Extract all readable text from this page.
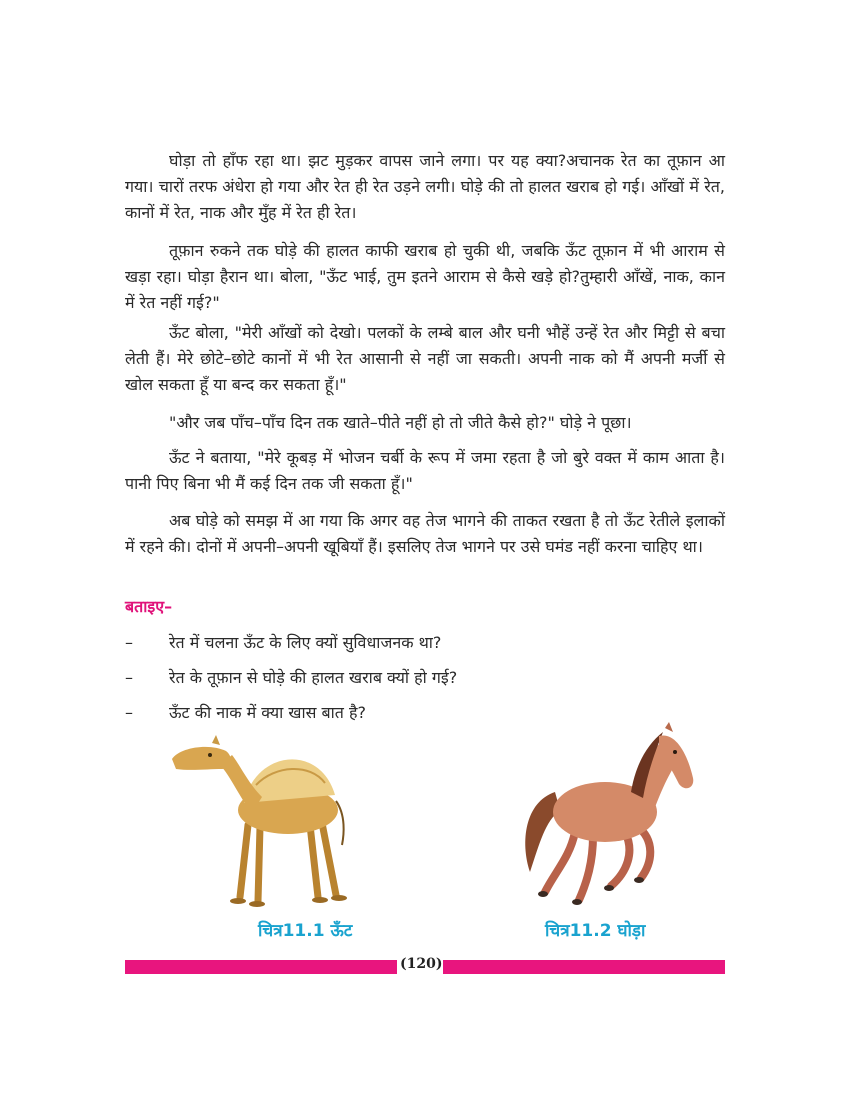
घोड़ा तो हाँफ रहा था। झट मुड़कर वापस जाने लगा। पर यह क्या?अचानक रेत का तूफ़ान आ गया। चारों तरफ अंधेरा हो गया और रेत ही रेत उड़ने लगी। घोड़े की तो हालत खराब हो गई। आँखों में रेत, कानों में रेत, नाक और मुँह में रेत ही रेत।

तूफ़ान रुकने तक घोड़े की हालत काफी खराब हो चुकी थी, जबकि ऊँट तूफ़ान में भी आराम से खड़ा रहा। घोड़ा हैरान था। बोला, "ऊँट भाई, तुम इतने आराम से कैसे खड़े हो?तुम्हारी आँखें, नाक, कान में रेत नहीं गई?"

ऊँट बोला, "मेरी आँखों को देखो। पलकों के लम्बे बाल और घनी भौहें उन्हें रेत और मिट्टी से बचा लेती हैं। मेरे छोटे–छोटे कानों में भी रेत आसानी से नहीं जा सकती। अपनी नाक को मैं अपनी मर्जी से खोल सकता हूँ या बन्द कर सकता हूँ।"

"और जब पाँच–पाँच दिन तक खाते–पीते नहीं हो तो जीते कैसे हो?" घोड़े ने पूछा।

ऊँट ने बताया, "मेरे कूबड़ में भोजन चर्बी के रूप में जमा रहता है जो बुरे वक्त में काम आता है। पानी पिए बिना भी मैं कई दिन तक जी सकता हूँ।"

अब घोड़े को समझ में आ गया कि अगर वह तेज भागने की ताकत रखता है तो ऊँट रेतीले इलाकों में रहने की। दोनों में अपनी–अपनी खूबियाँ हैं। इसलिए तेज भागने पर उसे घमंड नहीं करना चाहिए था।

बताइए–

– रेत में चलना ऊँट के लिए क्यों सुविधाजनक था?
– रेत के तूफ़ान से घोड़े की हालत खराब क्यों हो गई?
– ऊँट की नाक में क्या खास बात है?
चित्र11.1 ऊँट	चित्र11.2 घोड़ा
(120)
